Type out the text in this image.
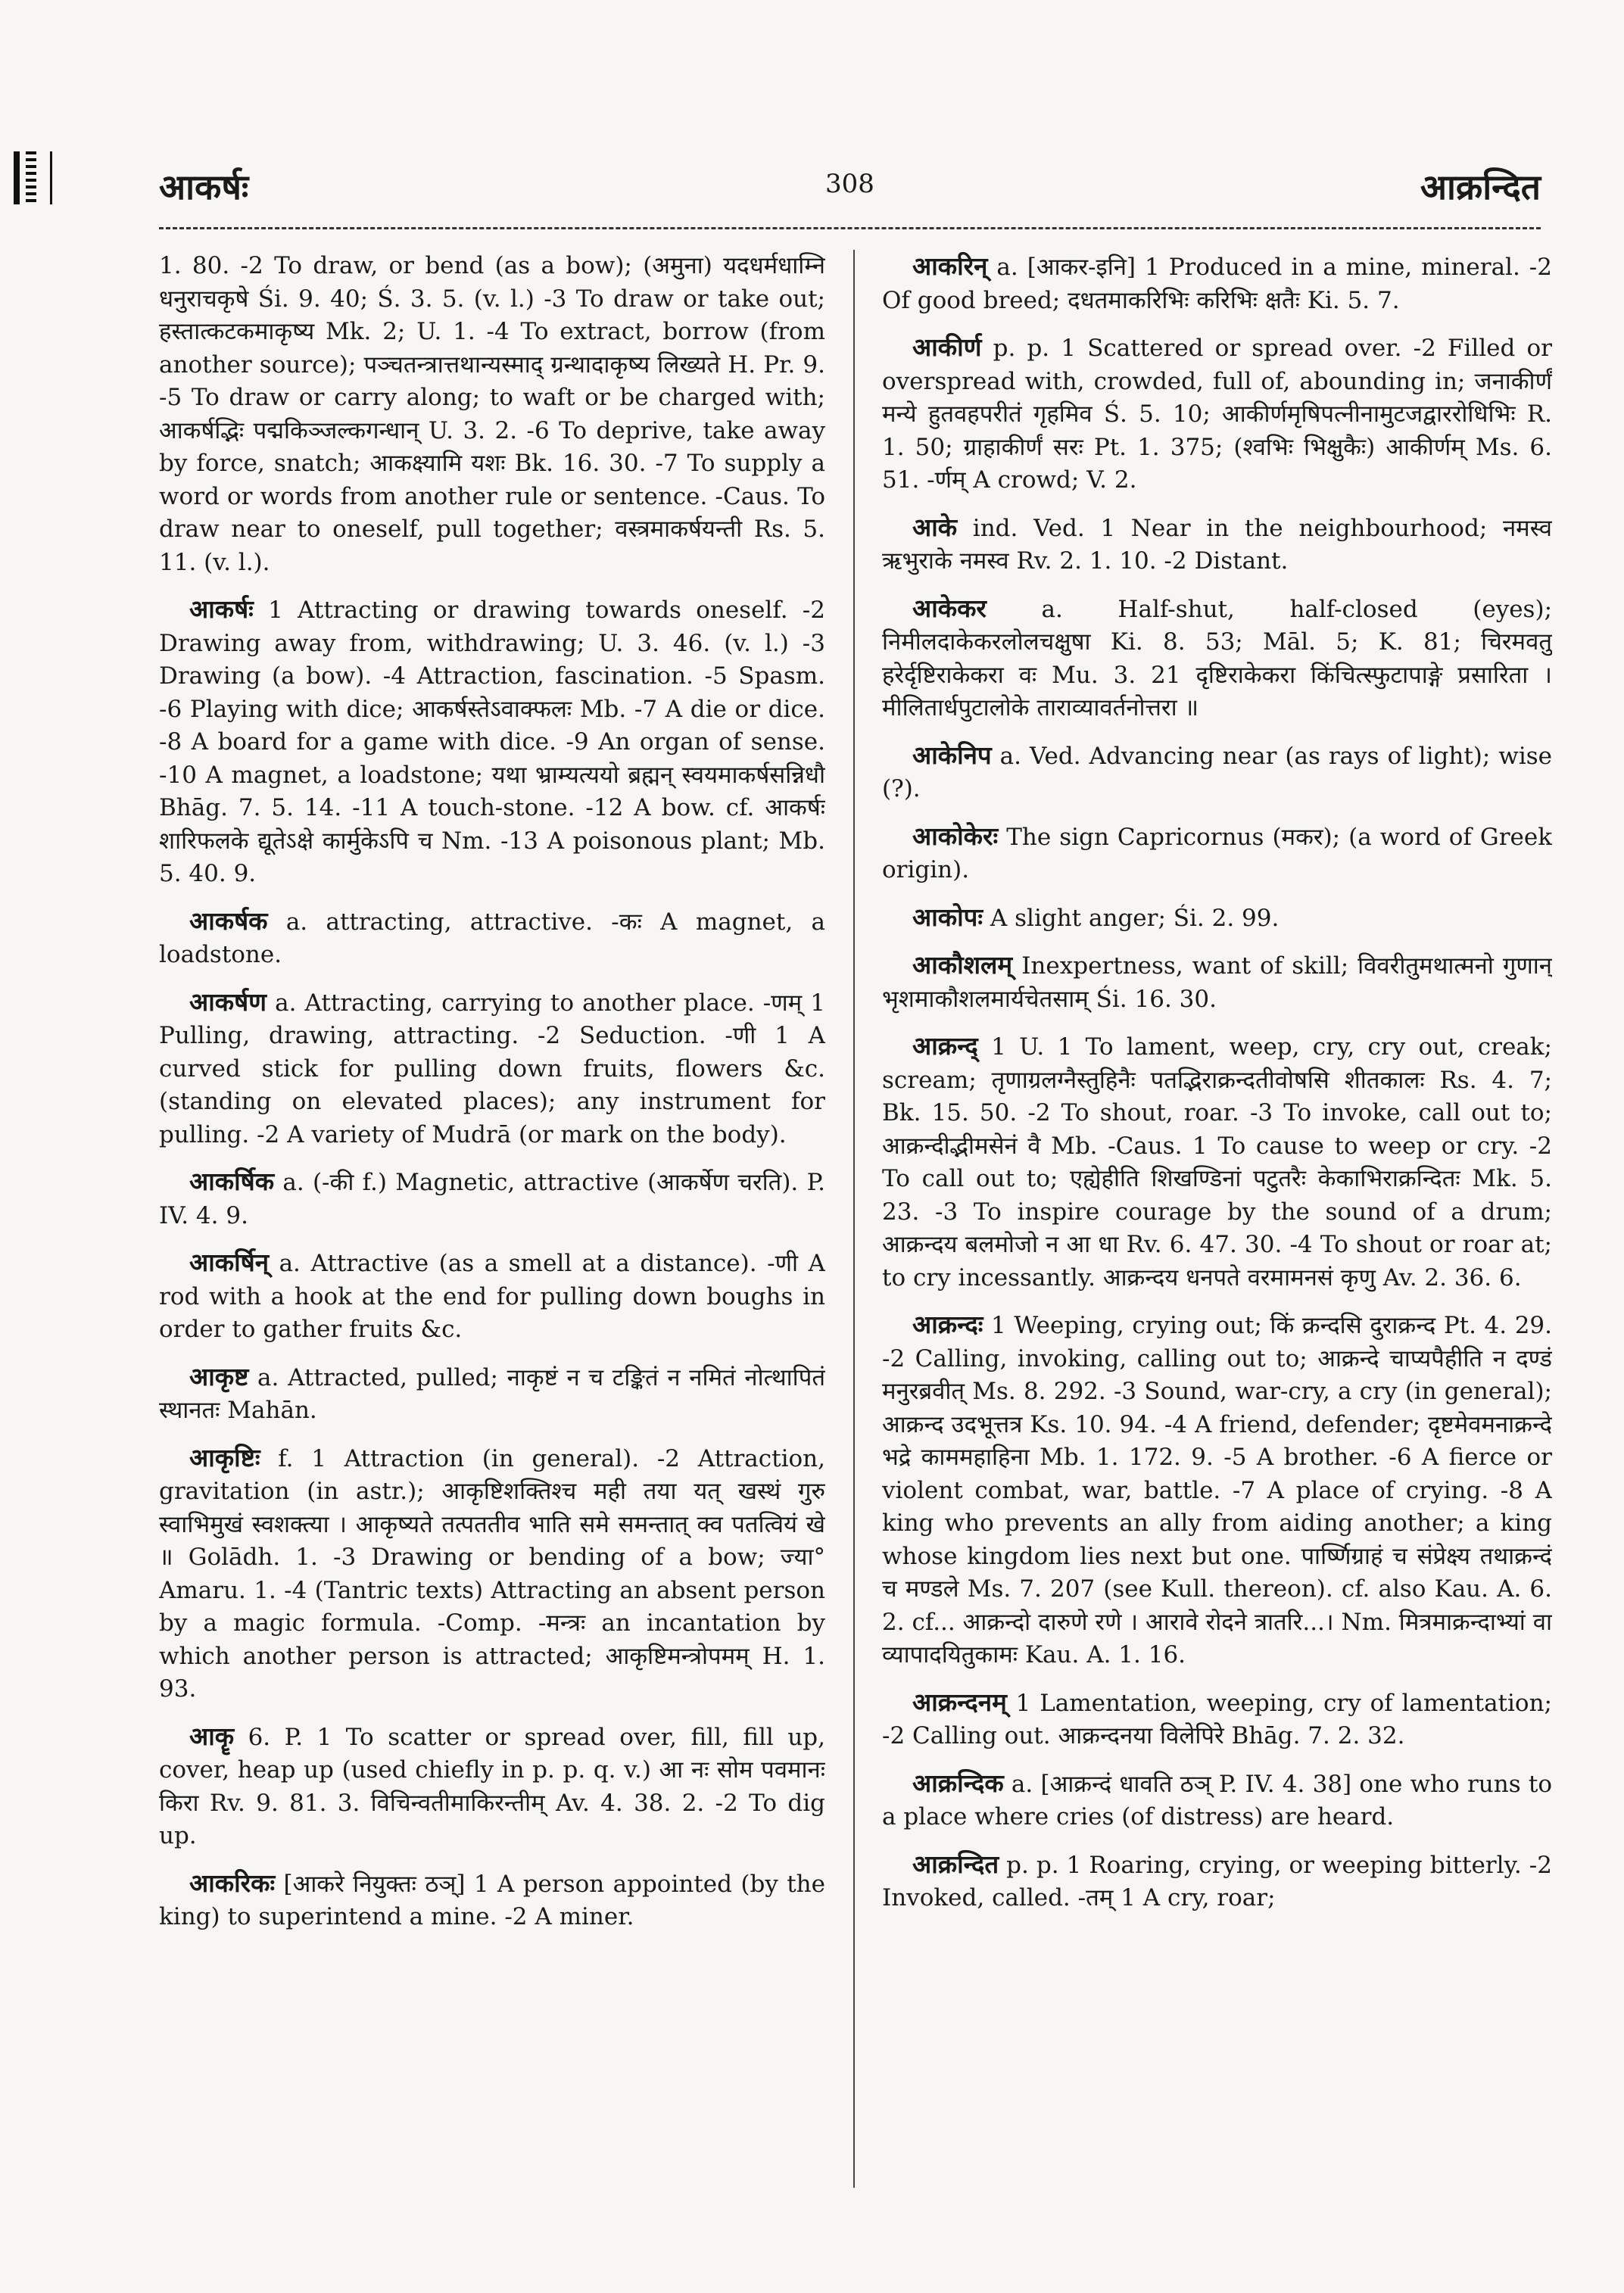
आकर्षः	308	आक्रन्दित

1. 80. -2 To draw, or bend (as a bow); (अमुना) यदधर्मधाम्नि धनुराचकृषे Śi. 9. 40; Ś. 3. 5. (v. l.) -3 To draw or take out; हस्तात्कटकमाकृष्य Mk. 2; U. 1. -4 To extract, borrow (from another source); पञ्चतन्त्रात्तथान्यस्माद् ग्रन्थादाकृष्य लिख्यते H. Pr. 9. -5 To draw or carry along; to waft or be charged with; आकर्षद्भिः पद्मकिञ्जल्कगन्धान् U. 3. 2. -6 To deprive, take away by force, snatch; आकक्ष्यामि यशः Bk. 16. 30. -7 To supply a word or words from another rule or sentence. -Caus. To draw near to oneself, pull together; वस्त्रमाकर्षयन्ती Rs. 5. 11. (v. l.).

आकर्षः 1 Attracting or drawing towards oneself. -2 Drawing away from, withdrawing; U. 3. 46. (v. l.) -3 Drawing (a bow). -4 Attraction, fascination. -5 Spasm. -6 Playing with dice; आकर्षस्तेऽवाक्फलः Mb. -7 A die or dice. -8 A board for a game with dice. -9 An organ of sense. -10 A magnet, a loadstone; यथा भ्राम्यत्ययो ब्रह्मन् स्वयमाकर्षसन्निधौ Bhāg. 7. 5. 14. -11 A touch-stone. -12 A bow. cf. आकर्षः शारिफलके द्यूतेऽक्षे कार्मुकेऽपि च Nm. -13 A poisonous plant; Mb. 5. 40. 9.

आकर्षक a. attracting, attractive. -कः A magnet, a loadstone.

आकर्षण a. Attracting, carrying to another place. -णम् 1 Pulling, drawing, attracting. -2 Seduction. -णी 1 A curved stick for pulling down fruits, flowers &c. (standing on elevated places); any instrument for pulling. -2 A variety of Mudrā (or mark on the body).

आकर्षिक a. (-की f.) Magnetic, attractive (आकर्षेण चरति). P. IV. 4. 9.

आकर्षिन् a. Attractive (as a smell at a distance). -णी A rod with a hook at the end for pulling down boughs in order to gather fruits &c.

आकृष्ट a. Attracted, pulled; नाकृष्टं न च टङ्कितं न नमितं नोत्थापितं स्थानतः Mahān.

आकृष्टिः f. 1 Attraction (in general). -2 Attraction, gravitation (in astr.); आकृष्टिशक्तिश्च मही तया यत् खस्थं गुरु स्वाभिमुखं स्वशक्त्या । आकृष्यते तत्पततीव भाति समे समन्तात् क्व पतत्वियं खे ॥ Golādh. 1. -3 Drawing or bending of a bow; ज्या° Amaru. 1. -4 (Tantric texts) Attracting an absent person by a magic formula. -Comp. -मन्त्रः an incantation by which another person is attracted; आकृष्टिमन्त्रोपमम् H. 1. 93.

आकॄ 6. P. 1 To scatter or spread over, fill, fill up, cover, heap up (used chiefly in p. p. q. v.) आ नः सोम पवमानः किरा Rv. 9. 81. 3. विचिन्वतीमाकिरन्तीम् Av. 4. 38. 2. -2 To dig up.

आकरिकः [आकरे नियुक्तः ठञ्] 1 A person appointed (by the king) to superintend a mine. -2 A miner.

आकरिन् a. [आकर-इनि] 1 Produced in a mine, mineral. -2 Of good breed; दधतमाकरिभिः करिभिः क्षतैः Ki. 5. 7.

आकीर्ण p. p. 1 Scattered or spread over. -2 Filled or overspread with, crowded, full of, abounding in; जनाकीर्णं मन्ये हुतवहपरीतं गृहमिव Ś. 5. 10; आकीर्णमृषिपत्नीनामुटजद्वाररोधिभिः R. 1. 50; ग्राहाकीर्णं सरः Pt. 1. 375; (श्वभिः भिक्षुकैः) आकीर्णम् Ms. 6. 51. -र्णम् A crowd; V. 2.

आके ind. Ved. 1 Near in the neighbourhood; नमस्व ऋभुराके नमस्व Rv. 2. 1. 10. -2 Distant.

आकेकर a. Half-shut, half-closed (eyes); निमीलदाकेकरलोलचक्षुषा Ki. 8. 53; Māl. 5; K. 81; चिरमवतु हरेर्दृष्टिराकेकरा वः Mu. 3. 21 दृष्टिराकेकरा किंचित्स्फुटापाङ्गे प्रसारिता । मीलितार्धपुटालोके ताराव्यावर्तनोत्तरा ॥

आकेनिप a. Ved. Advancing near (as rays of light); wise (?).

आकोकेरः The sign Capricornus (मकर); (a word of Greek origin).

आकोपः A slight anger; Śi. 2. 99.

आकौशलम् Inexpertness, want of skill; विवरीतुमथात्मनो गुणान् भृशमाकौशलमार्यचेतसाम् Śi. 16. 30.

आक्रन्द् 1 U. 1 To lament, weep, cry, cry out, creak; scream; तृणाग्रलग्नैस्तुहिनैः पतद्भिराक्रन्दतीवोषसि शीतकालः Rs. 4. 7; Bk. 15. 50. -2 To shout, roar. -3 To invoke, call out to; आक्रन्दीद्भीमसेनं वै Mb. -Caus. 1 To cause to weep or cry. -2 To call out to; एह्येहीति शिखण्डिनां पटुतरैः केकाभिराक्रन्दितः Mk. 5. 23. -3 To inspire courage by the sound of a drum; आक्रन्दय बलमोजो न आ धा Rv. 6. 47. 30. -4 To shout or roar at; to cry incessantly. आक्रन्दय धनपते वरमामनसं कृणु Av. 2. 36. 6.

आक्रन्दः 1 Weeping, crying out; किं क्रन्दसि दुराक्रन्द Pt. 4. 29. -2 Calling, invoking, calling out to; आक्रन्दे चाप्यपैहीति न दण्डं मनुरब्रवीत् Ms. 8. 292. -3 Sound, war-cry, a cry (in general); आक्रन्द उदभूत्तत्र Ks. 10. 94. -4 A friend, defender; दृष्टमेवमनाक्रन्दे भद्रे काममहाहिना Mb. 1. 172. 9. -5 A brother. -6 A fierce or violent combat, war, battle. -7 A place of crying. -8 A king who prevents an ally from aiding another; a king whose kingdom lies next but one. पार्ष्णिग्राहं च संप्रेक्ष्य तथाक्रन्दं च मण्डले Ms. 7. 207 (see Kull. thereon). cf. also Kau. A. 6. 2. cf... आक्रन्दो दारुणे रणे । आरावे रोदने त्रातरि...। Nm. मित्रमाक्रन्दाभ्यां वा व्यापादयितुकामः Kau. A. 1. 16.

आक्रन्दनम् 1 Lamentation, weeping, cry of lamentation; -2 Calling out. आक्रन्दनया विलेपिरे Bhāg. 7. 2. 32.

आक्रन्दिक a. [आक्रन्दं धावति ठञ् P. IV. 4. 38] one who runs to a place where cries (of distress) are heard.

आक्रन्दित p. p. 1 Roaring, crying, or weeping bitterly. -2 Invoked, called. -तम् 1 A cry, roar;
